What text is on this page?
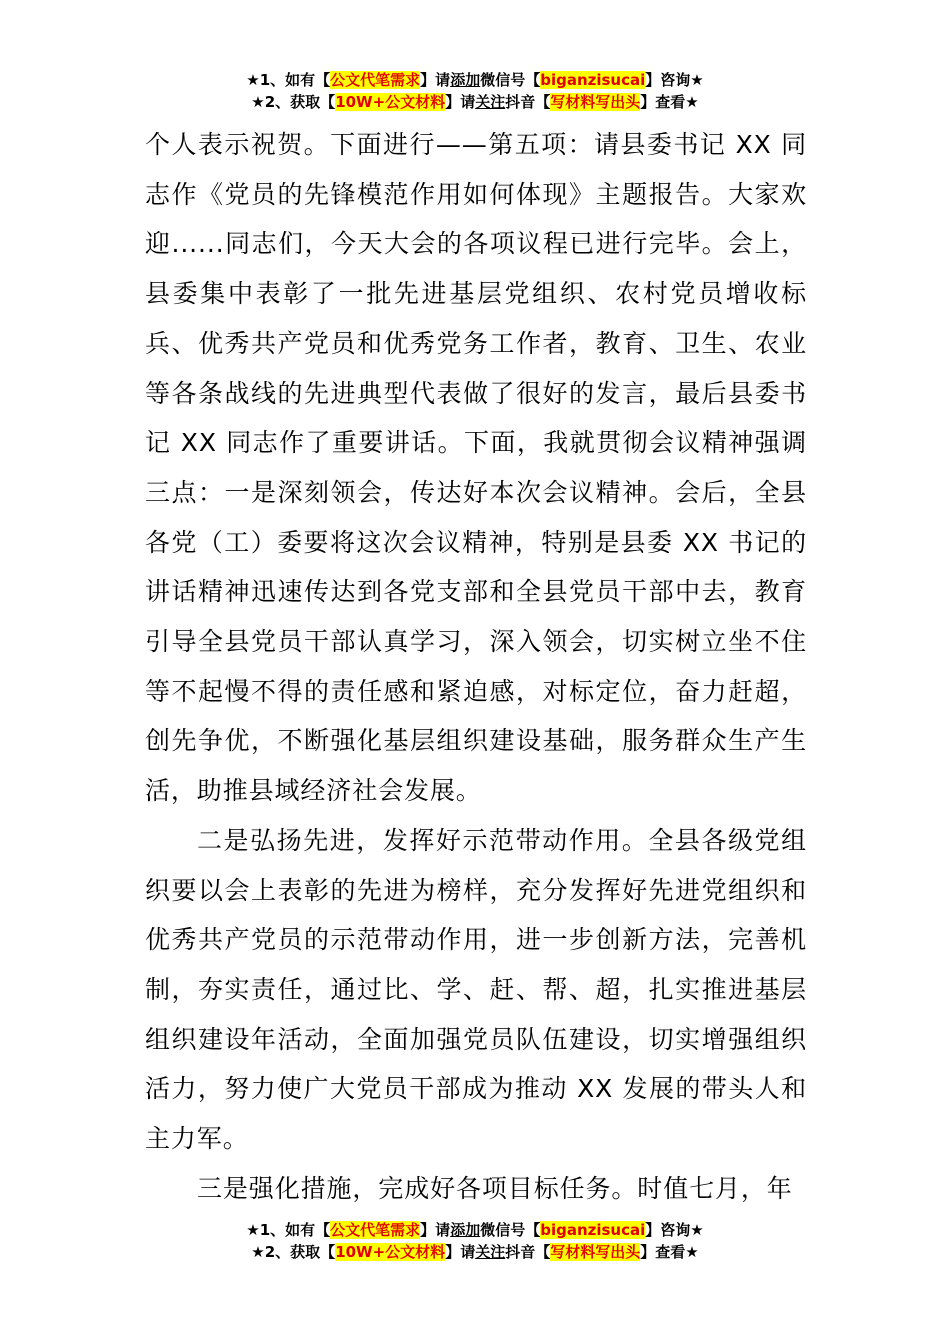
★1、如有【公文代笔需求】请添加微信号【biganzisucai】咨询★
★2、获取【10W+公文材料】请关注抖音【写材料写出头】查看★

个人表示祝贺。下面进行——第五项：请县委书记 XX 同志作《党员的先锋模范作用如何体现》主题报告。大家欢迎......同志们，今天大会的各项议程已进行完毕。会上，县委集中表彰了一批先进基层党组织、农村党员增收标兵、优秀共产党员和优秀党务工作者，教育、卫生、农业等各条战线的先进典型代表做了很好的发言，最后县委书记 XX 同志作了重要讲话。下面，我就贯彻会议精神强调三点：一是深刻领会，传达好本次会议精神。会后，全县各党（工）委要将这次会议精神，特别是县委 XX 书记的讲话精神迅速传达到各党支部和全县党员干部中去，教育引导全县党员干部认真学习，深入领会，切实树立坐不住等不起慢不得的责任感和紧迫感，对标定位，奋力赶超，创先争优，不断强化基层组织建设基础，服务群众生产生活，助推县域经济社会发展。

二是弘扬先进，发挥好示范带动作用。全县各级党组织要以会上表彰的先进为榜样，充分发挥好先进党组织和优秀共产党员的示范带动作用，进一步创新方法，完善机制，夯实责任，通过比、学、赶、帮、超，扎实推进基层组织建设年活动，全面加强党员队伍建设，切实增强组织活力，努力使广大党员干部成为推动 XX 发展的带头人和主力军。

三是强化措施，完成好各项目标任务。时值七月，年

★1、如有【公文代笔需求】请添加微信号【biganzisucai】咨询★
★2、获取【10W+公文材料】请关注抖音【写材料写出头】查看★
